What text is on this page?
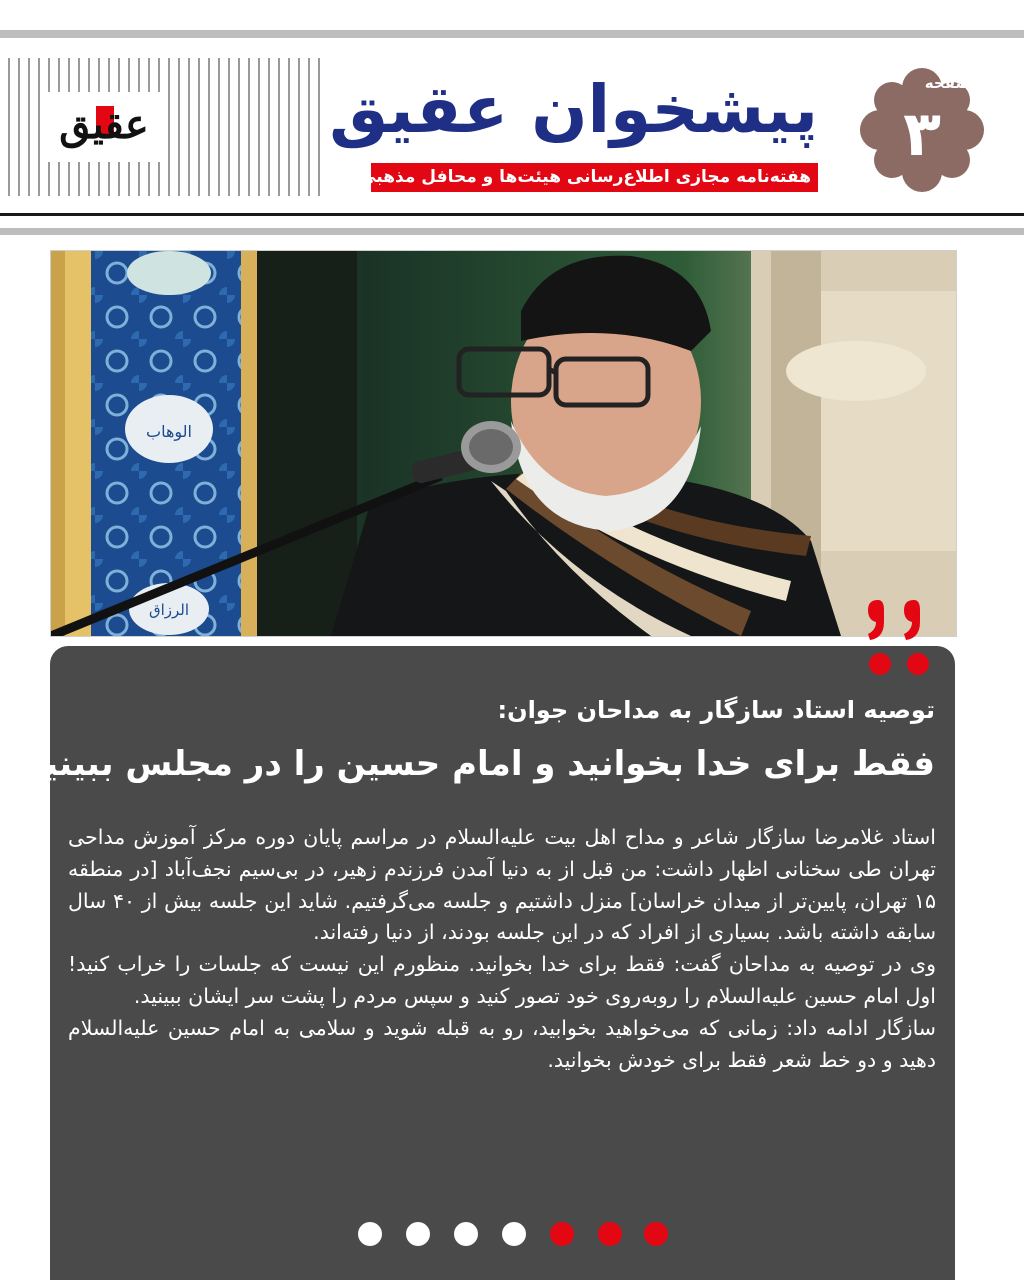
عقیق	پیشخوان عقیق
هفته‌نامه مجازی اطلاع‌رسانی هیئت‌ها و محافل مذهبی
صفحه
۳
الوهاب
الرزاق
توصیه استاد سازگار به مداحان جوان:
فقط برای خدا بخوانید و امام حسین را در مجلس ببینید

استاد غلامرضا سازگار شاعر و مداح اهل بیت علیه‌السلام در مراسم پایان دوره مرکز آموزش مداحی تهران طی سخنانی اظهار داشت: من قبل از به دنیا آمدن فرزندم زهیر، در بی‌سیم نجف‌آباد [در منطقه ۱۵ تهران، پایین‌تر از میدان خراسان] منزل داشتیم و جلسه می‌گرفتیم. شاید این جلسه بیش از ۴۰ سال سابقه داشته باشد. بسیاری از افراد که در این جلسه بودند، از دنیا رفته‌اند.

وی در توصیه به مداحان گفت: فقط برای خدا بخوانید. منظورم این نیست که جلسات را خراب کنید! اول امام حسین علیه‌السلام را روبه‌روی خود تصور کنید و سپس مردم را پشت سر ایشان ببینید.

سازگار ادامه داد: زمانی که می‌خواهید بخوابید، رو به قبله شوید و سلامی به امام حسین علیه‌السلام دهید و دو خط شعر فقط برای خودش بخوانید.
